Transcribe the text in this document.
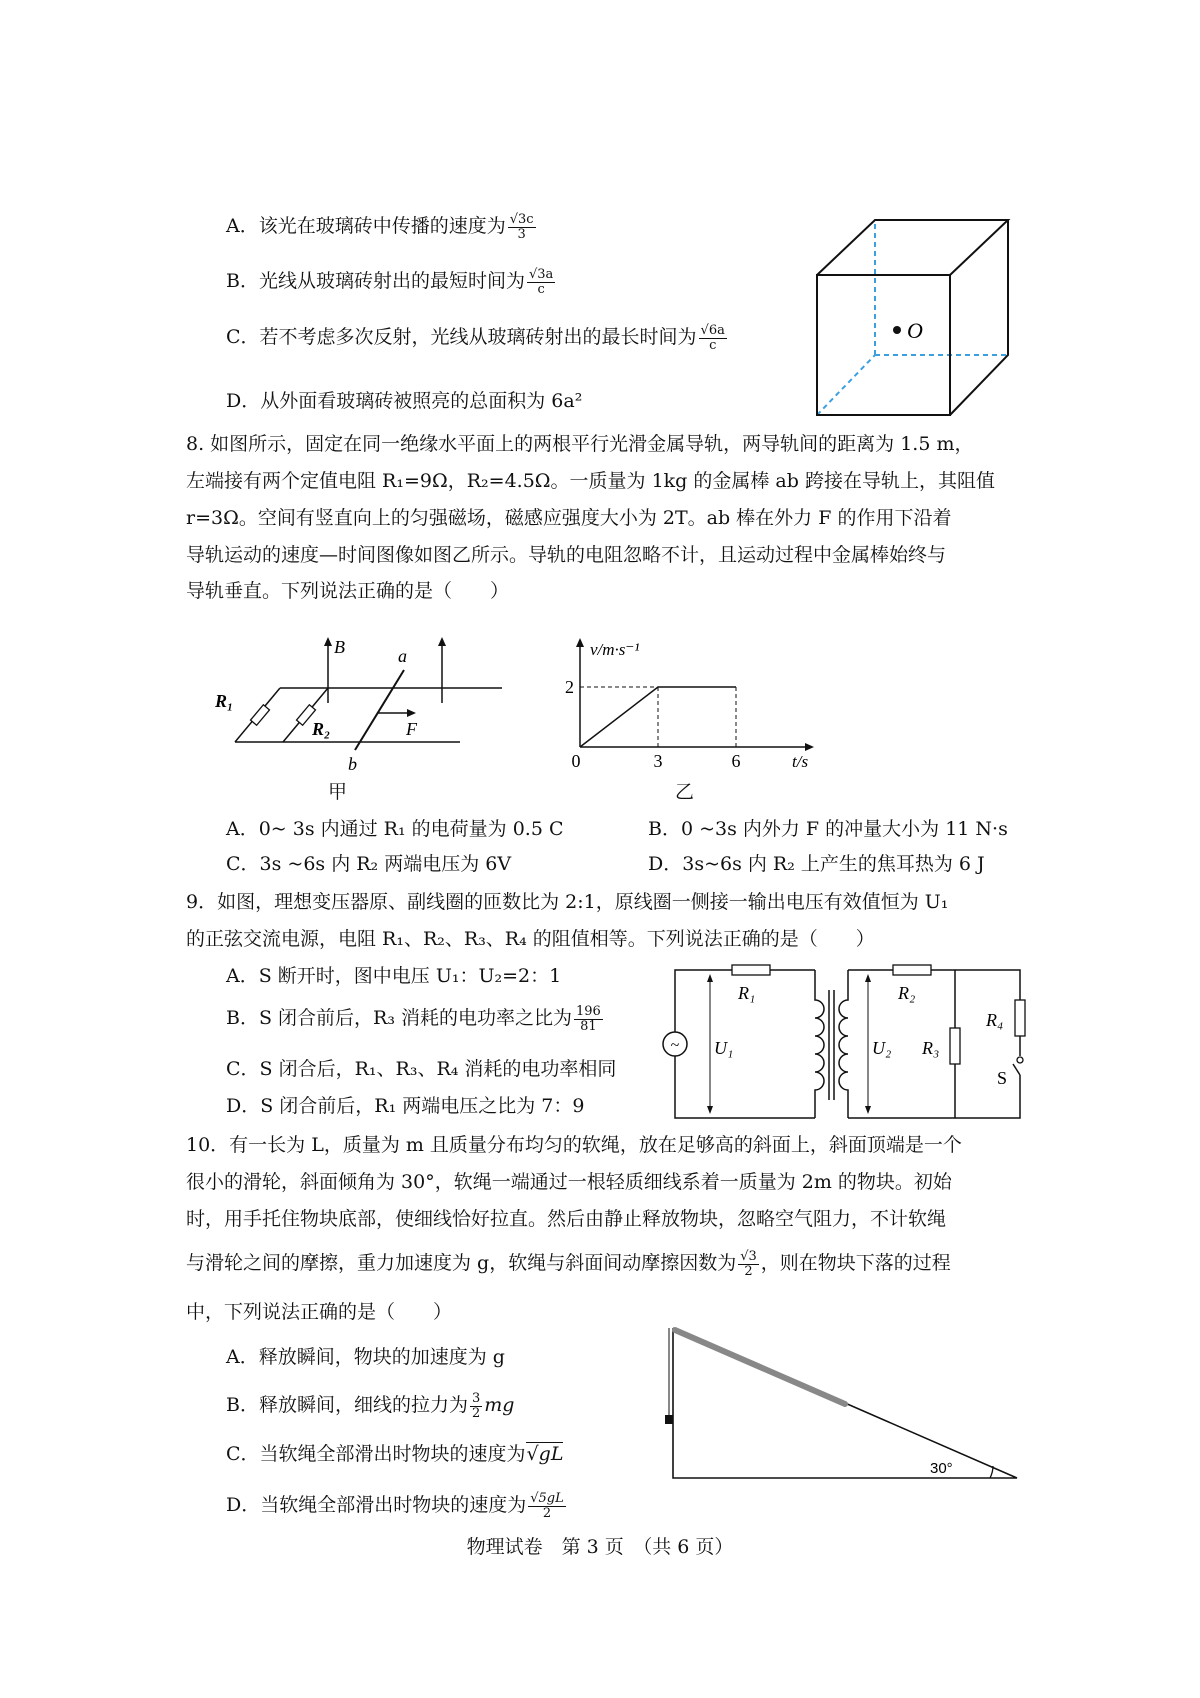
A．该光在玻璃砖中传播的速度为 $\frac{√3c}{3}$
B．光线从玻璃砖射出的最短时间为 $\frac{√3a}{c}$
C．若不考虑多次反射，光线从玻璃砖射出的最长时间为 $\frac{√6a}{c}$
D．从外面看玻璃砖被照亮的总面积为 6a²
O
8. 如图所示，固定在同一绝缘水平面上的两根平行光滑金属导轨，两导轨间的距离为 1.5 m，
左端接有两个定值电阻 R₁=9Ω，R₂=4.5Ω。一质量为 1kg 的金属棒 ab 跨接在导轨上，其阻值
r=3Ω。空间有竖直向上的匀强磁场，磁感应强度大小为 2T。ab 棒在外力 F 的作用下沿着
导轨运动的速度—时间图像如图乙所示。导轨的电阻忽略不计，且运动过程中金属棒始终与
导轨垂直。下列说法正确的是（　　）
B	a
b
F
R₁
R₂
甲
2
0	3	6
v/m·s⁻¹
t/s
乙
A．0~ 3s 内通过 R₁ 的电荷量为 0.5 C	B．0 ~3s 内外力 F 的冲量大小为 11 N·s
C．3s ~6s 内 R₂ 两端电压为 6V	D．3s~6s 内 R₂ 上产生的焦耳热为 6 J
9．如图，理想变压器原、副线圈的匝数比为 2:1，原线圈一侧接一输出电压有效值恒为 U₁
的正弦交流电源，电阻 R₁、R₂、R₃、R₄ 的阻值相等。下列说法正确的是（　　）
A．S 断开时，图中电压 U₁：U₂=2：1
B．S 闭合前后，R₃ 消耗的电功率之比为 $\frac{196}{81}$
C．S 闭合后，R₁、R₃、R₄ 消耗的电功率相同
D．S 闭合前后，R₁ 两端电压之比为 7：9
~
R₁	R₂
R₃
R₄
U₁	U₂
S
10．有一长为 L，质量为 m 且质量分布均匀的软绳，放在足够高的斜面上，斜面顶端是一个
很小的滑轮，斜面倾角为 30°，软绳一端通过一根轻质细线系着一质量为 2m 的物块。初始
时，用手托住物块底部，使细线恰好拉直。然后由静止释放物块，忽略空气阻力，不计软绳
与滑轮之间的摩擦，重力加速度为 g，软绳与斜面间动摩擦因数为 $\frac{√3}{2}$ ，则在物块下落的过程
中，下列说法正确的是（　　）
A．释放瞬间，物块的加速度为 g
B．释放瞬间，细线的拉力为 $\frac{3}{2}$ mg
C．当软绳全部滑出时物块的速度为√gL
D．当软绳全部滑出时物块的速度为 $\frac{√5gL}{2}$
30°
物理试卷　第 3 页　（共 6 页）
